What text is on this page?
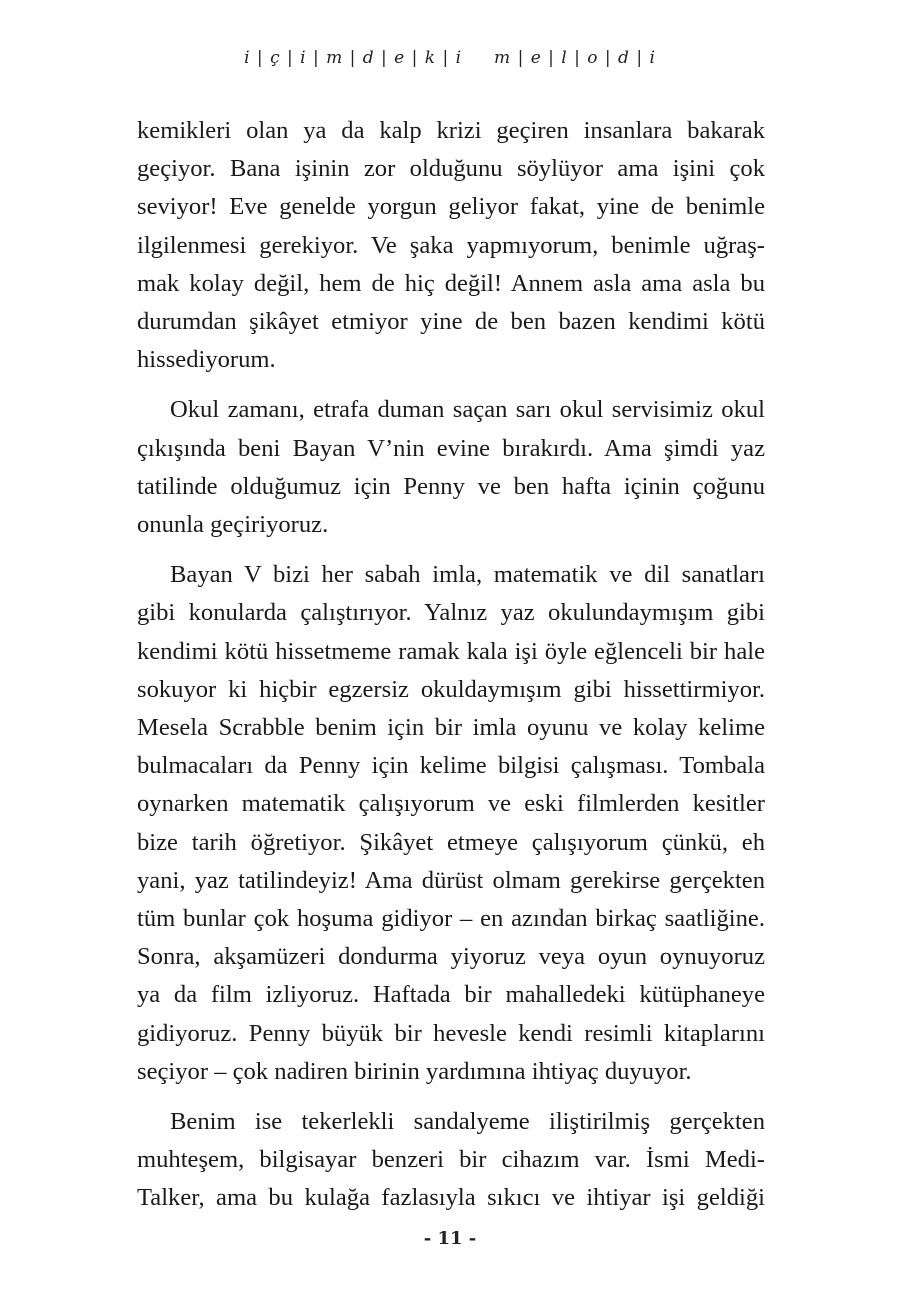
i | ç | i | m | d | e | k | i     m | e | l | o | d | i

kemikleri olan ya da kalp krizi geçiren insanlara bakarak
geçiyor. Bana işinin zor olduğunu söylüyor ama işini çok
seviyor! Eve genelde yorgun geliyor fakat, yine de benimle
ilgilenmesi gerekiyor. Ve şaka yapmıyorum, benimle uğraş-
mak kolay değil, hem de hiç değil! Annem asla ama asla bu
durumdan şikâyet etmiyor yine de ben bazen kendimi kötü
hissediyorum.

Okul zamanı, etrafa duman saçan sarı okul servisimiz okul
çıkışında beni Bayan V’nin evine bırakırdı. Ama şimdi yaz
tatilinde olduğumuz için Penny ve ben hafta içinin çoğunu
onunla geçiriyoruz.

Bayan V bizi her sabah imla, matematik ve dil sanatları
gibi konularda çalıştırıyor. Yalnız yaz okulundaymışım gibi
kendimi kötü hissetmeme ramak kala işi öyle eğlenceli bir hale
sokuyor ki hiçbir egzersiz okuldaymışım gibi hissettirmiyor.
Mesela Scrabble benim için bir imla oyunu ve kolay kelime
bulmacaları da Penny için kelime bilgisi çalışması. Tombala
oynarken matematik çalışıyorum ve eski filmlerden kesitler
bize tarih öğretiyor. Şikâyet etmeye çalışıyorum çünkü, eh
yani, yaz tatilindeyiz! Ama dürüst olmam gerekirse gerçekten
tüm bunlar çok hoşuma gidiyor – en azından birkaç saatliğine.
Sonra, akşamüzeri dondurma yiyoruz veya oyun oynuyoruz
ya da film izliyoruz. Haftada bir mahalledeki kütüphaneye
gidiyoruz. Penny büyük bir hevesle kendi resimli kitaplarını
seçiyor – çok nadiren birinin yardımına ihtiyaç duyuyor.

Benim ise tekerlekli sandalyeme iliştirilmiş gerçekten
muhteşem, bilgisayar benzeri bir cihazım var. İsmi Medi-
Talker, ama bu kulağa fazlasıyla sıkıcı ve ihtiyar işi geldiği

- 11 -
